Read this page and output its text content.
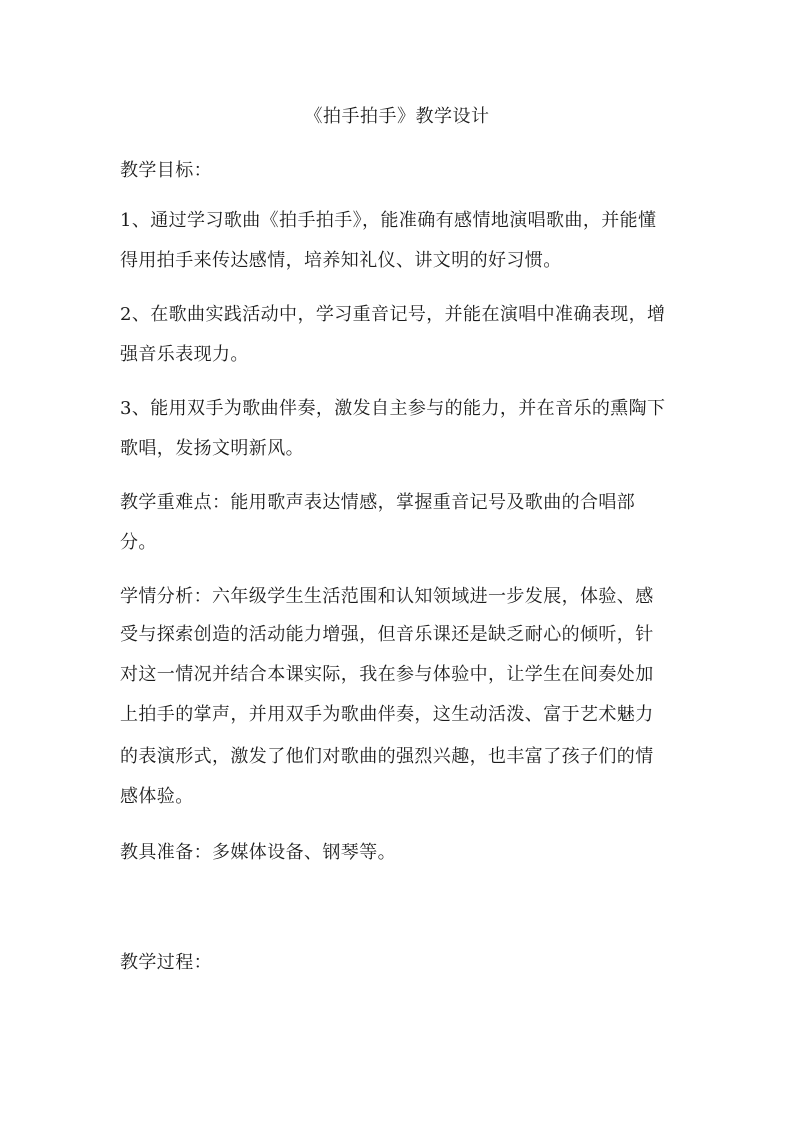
《拍手拍手》教学设计
教学目标：
1、通过学习歌曲《拍手拍手》，能准确有感情地演唱歌曲，并能懂
得用拍手来传达感情，培养知礼仪、讲文明的好习惯。
2、在歌曲实践活动中，学习重音记号，并能在演唱中准确表现，增
强音乐表现力。
3、能用双手为歌曲伴奏，激发自主参与的能力，并在音乐的熏陶下
歌唱，发扬文明新风。
教学重难点：能用歌声表达情感，掌握重音记号及歌曲的合唱部
分。
学情分析：六年级学生生活范围和认知领域进一步发展，体验、感
受与探索创造的活动能力增强，但音乐课还是缺乏耐心的倾听，针
对这一情况并结合本课实际，我在参与体验中，让学生在间奏处加
上拍手的掌声，并用双手为歌曲伴奏，这生动活泼、富于艺术魅力
的表演形式，激发了他们对歌曲的强烈兴趣，也丰富了孩子们的情
感体验。
教具准备：多媒体设备、钢琴等。
教学过程：
